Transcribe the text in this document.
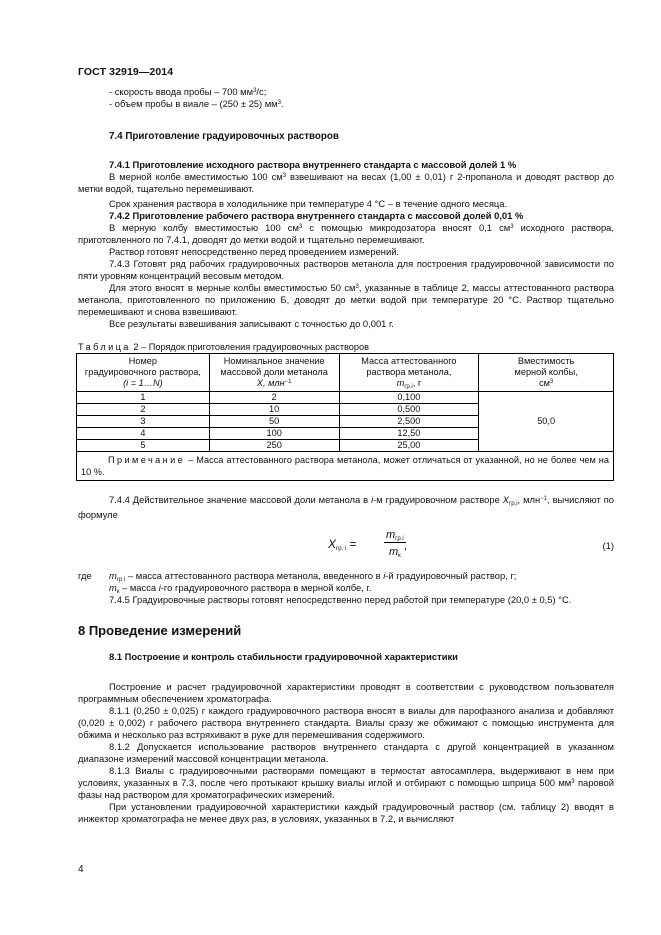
ГОСТ 32919—2014

- скорость ввода пробы – 700 $мм^3/с$;

- объем пробы в виале – (250 ± 25) $мм^3$.

7.4 Приготовление градуировочных растворов

7.4.1 Приготовление исходного раствора внутреннего стандарта с массовой долей 1 %

В мерной колбе вместимостью 100 $см^3$ взвешивают на весах (1,00 ± 0,01) г 2-пропанола и доводят раствор до метки водой, тщательно перемешивают.

Срок хранения раствора в холодильнике при температуре 4 °С – в течение одного месяца.

7.4.2 Приготовление рабочего раствора внутреннего стандарта с массовой долей 0,01 %

В мерную колбу вместимостью 100 $см^3$ с помощью микродозатора вносят 0,1 $см^3$ исходного раствора, приготовленного по 7.4.1, доводят до метки водой и тщательно перемешивают.

Раствор готовят непосредственно перед проведением измерений.

7.4.3 Готовят ряд рабочих градуировочных растворов метанола для построения градуировочной зависимости по пяти уровням концентраций весовым методом.

Для этого вносят в мерные колбы вместимостью 50 $см^3$, указанные в таблице 2, массы аттестованного раствора метанола, приготовленного по приложению Б, доводят до метки водой при температуре 20 °С. Раствор тщательно перемешивают и снова взвешивают.

Все результаты взвешивания записывают с точностью до 0,001 г.

Таблица 2 – Порядок приготовления градуировочных растворов

Номер
градуировочного раствора,
(i = 1…N)	Номинальное значение
массовой доли метанола
X, млн$^{-1}$	Масса аттестованного
раствора метанола,
$m_{гр.i}$, г	Вместимость
мерной колбы,
$см^3$
1	2	0,100	50,0
2	10	0,500	
3	50	2,500	
4	100	12,50	
5	250	25,00	
Примечание – Масса аттестованного раствора метанола, может отличаться от указанной, но не более чем на 10 %.			

7.4.4 Действительное значение массовой доли метанола в i-м градуировочном растворе $X_{гр,i}$, млн$^{-1}$, вычисляют по формуле

$X_{гр. i}$ =
$m_{гр.i}$
$m_к$
,	(1)
где	$m_{гр i}$ – масса аттестованного раствора метанола, введенного в i-й градуировочный раствор, г;
$m_к$ – масса i-го градуировочного раствора в мерной колбе, г.

7.4.5 Градуировочные растворы готовят непосредственно перед работой при температуре (20,0 ± 0,5) °С.

8 Проведение измерений

8.1 Построение и контроль стабильности градуировочной характеристики

Построение и расчет градуировочной характеристики проводят в соответствии с руководством пользователя программным обеспечением хроматографа.

8.1.1 (0,250 ± 0,025) г каждого градуировочного раствора вносят в виалы для парофазного анализа и добавляют (0,020 ± 0,002) г рабочего раствора внутреннего стандарта. Виалы сразу же обжимают с помощью инструмента для обжима и несколько раз встряхивают в руке для перемешивания содержимого.

8.1.2 Допускается использование растворов внутреннего стандарта с другой концентрацией в указанном диапазоне измерений массовой концентрации метанола.

8.1.3 Виалы с градуировочными растворами помещают в термостат автосамплера, выдерживают в нем при условиях, указанных в 7.3, после чего протыкают крышку виалы иглой и отбирают с помощью шприца 500 $мм^3$ паровой фазы над раствором для хроматографических измерений.

При установлении градуировочной характеристики каждый градуировочный раствор (см. таблицу 2) вводят в инжектор хроматографа не менее двух раз, в условиях, указанных в 7.2, и вычисляют

4
